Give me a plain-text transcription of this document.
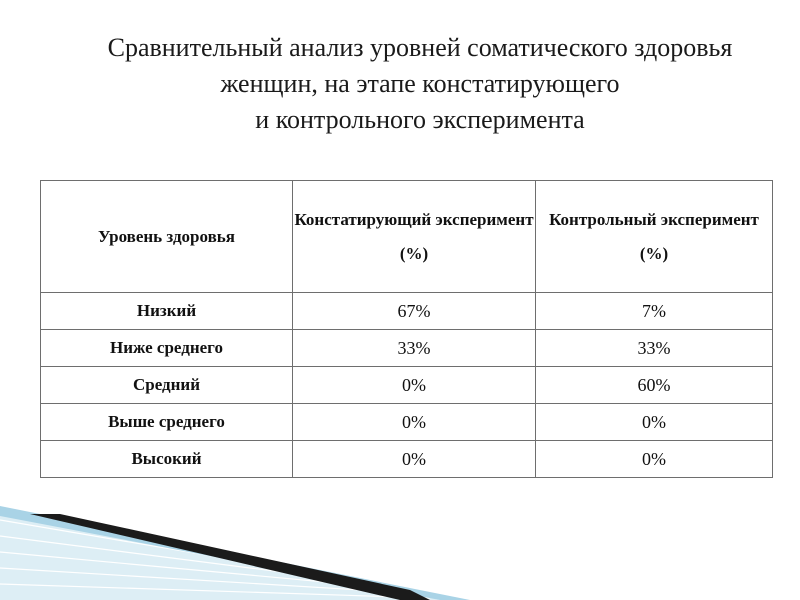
Сравнительный анализ уровней соматического здоровья
женщин, на этапе констатирующего
и контрольного эксперимента
Уровень здоровья	Констатирующий эксперимент (%)	Контрольный эксперимент (%)
Низкий	67%	7%
Ниже среднего	33%	33%
Средний	0%	60%
Выше среднего	0%	0%
Высокий	0%	0%
